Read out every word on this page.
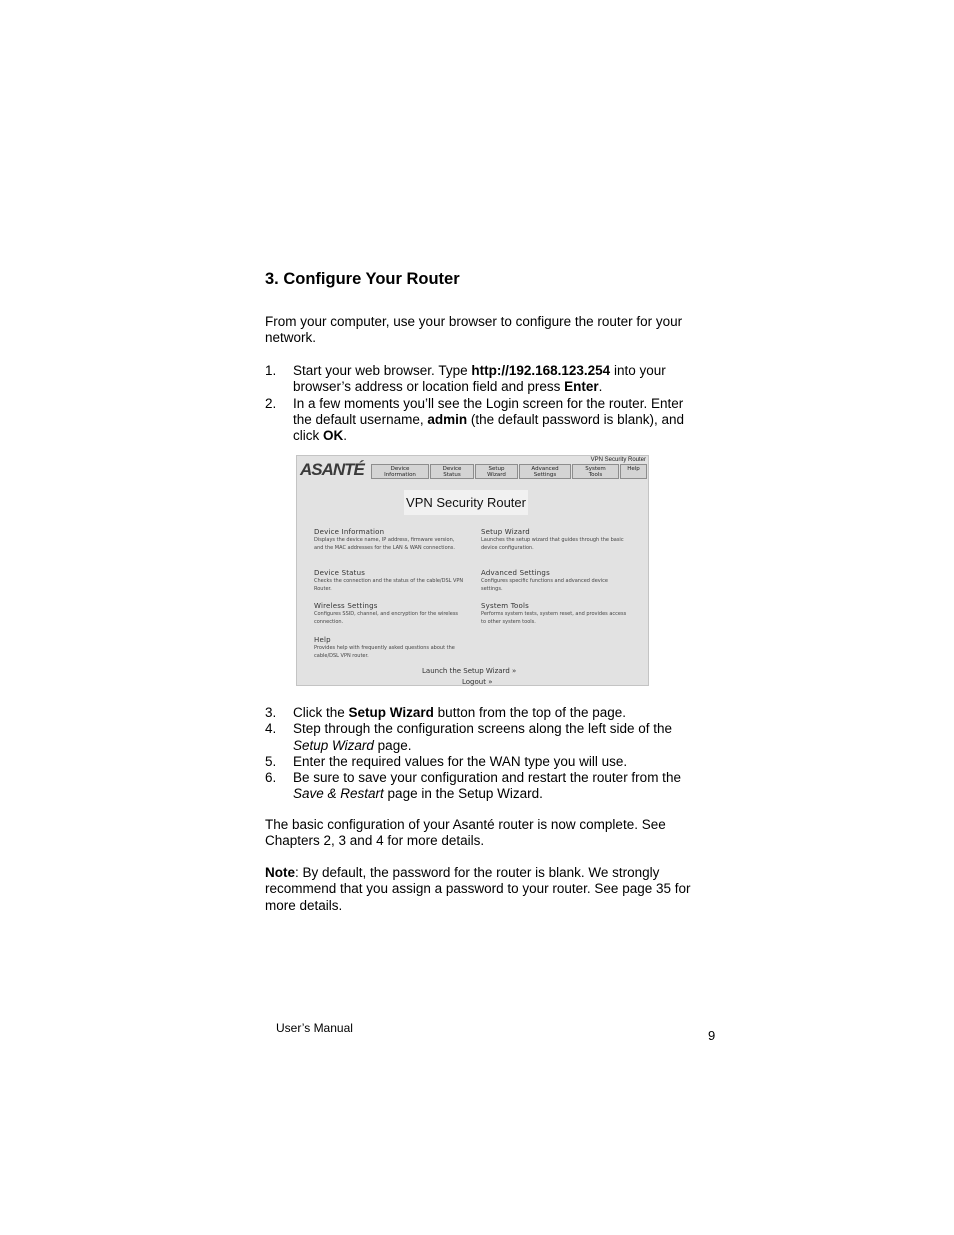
3. Configure Your Router
From your computer, use your browser to configure the router for your network.
1. Start your web browser. Type http://192.168.123.254 into your browser’s address or location field and press Enter.
2. In a few moments you’ll see the Login screen for the router. Enter the default username, admin (the default password is blank), and click OK.
VPN Security Router
ASANTÉ	Device
Information
Device
Status
Setup
Wizard
Advanced
Settings
System
Tools
Help
VPN Security Router
Device Information
Displays the device name, IP address, firmware version, and the MAC addresses for the LAN & WAN connections.
Setup Wizard
Launches the setup wizard that guides through the basic device configuration.
Device Status
Checks the connection and the status of the cable/DSL VPN Router.
Advanced Settings
Configures specific functions and advanced device settings.
Wireless Settings
Configures SSID, channel, and encryption for the wireless connection.
System Tools
Performs system tests, system reset, and provides access to other system tools.
Help
Provides help with frequently asked questions about the cable/DSL VPN router.
Launch the Setup Wizard »
Logout »
3. Click the Setup Wizard button from the top of the page.
4. Step through the configuration screens along the left side of the Setup Wizard page.
5. Enter the required values for the WAN type you will use.
6. Be sure to save your configuration and restart the router from the Save & Restart page in the Setup Wizard.
The basic configuration of your Asanté router is now complete. See Chapters 2, 3 and 4 for more details.
Note: By default, the password for the router is blank. We strongly recommend that you assign a password to your router. See page 35 for more details.
User’s Manual	9
